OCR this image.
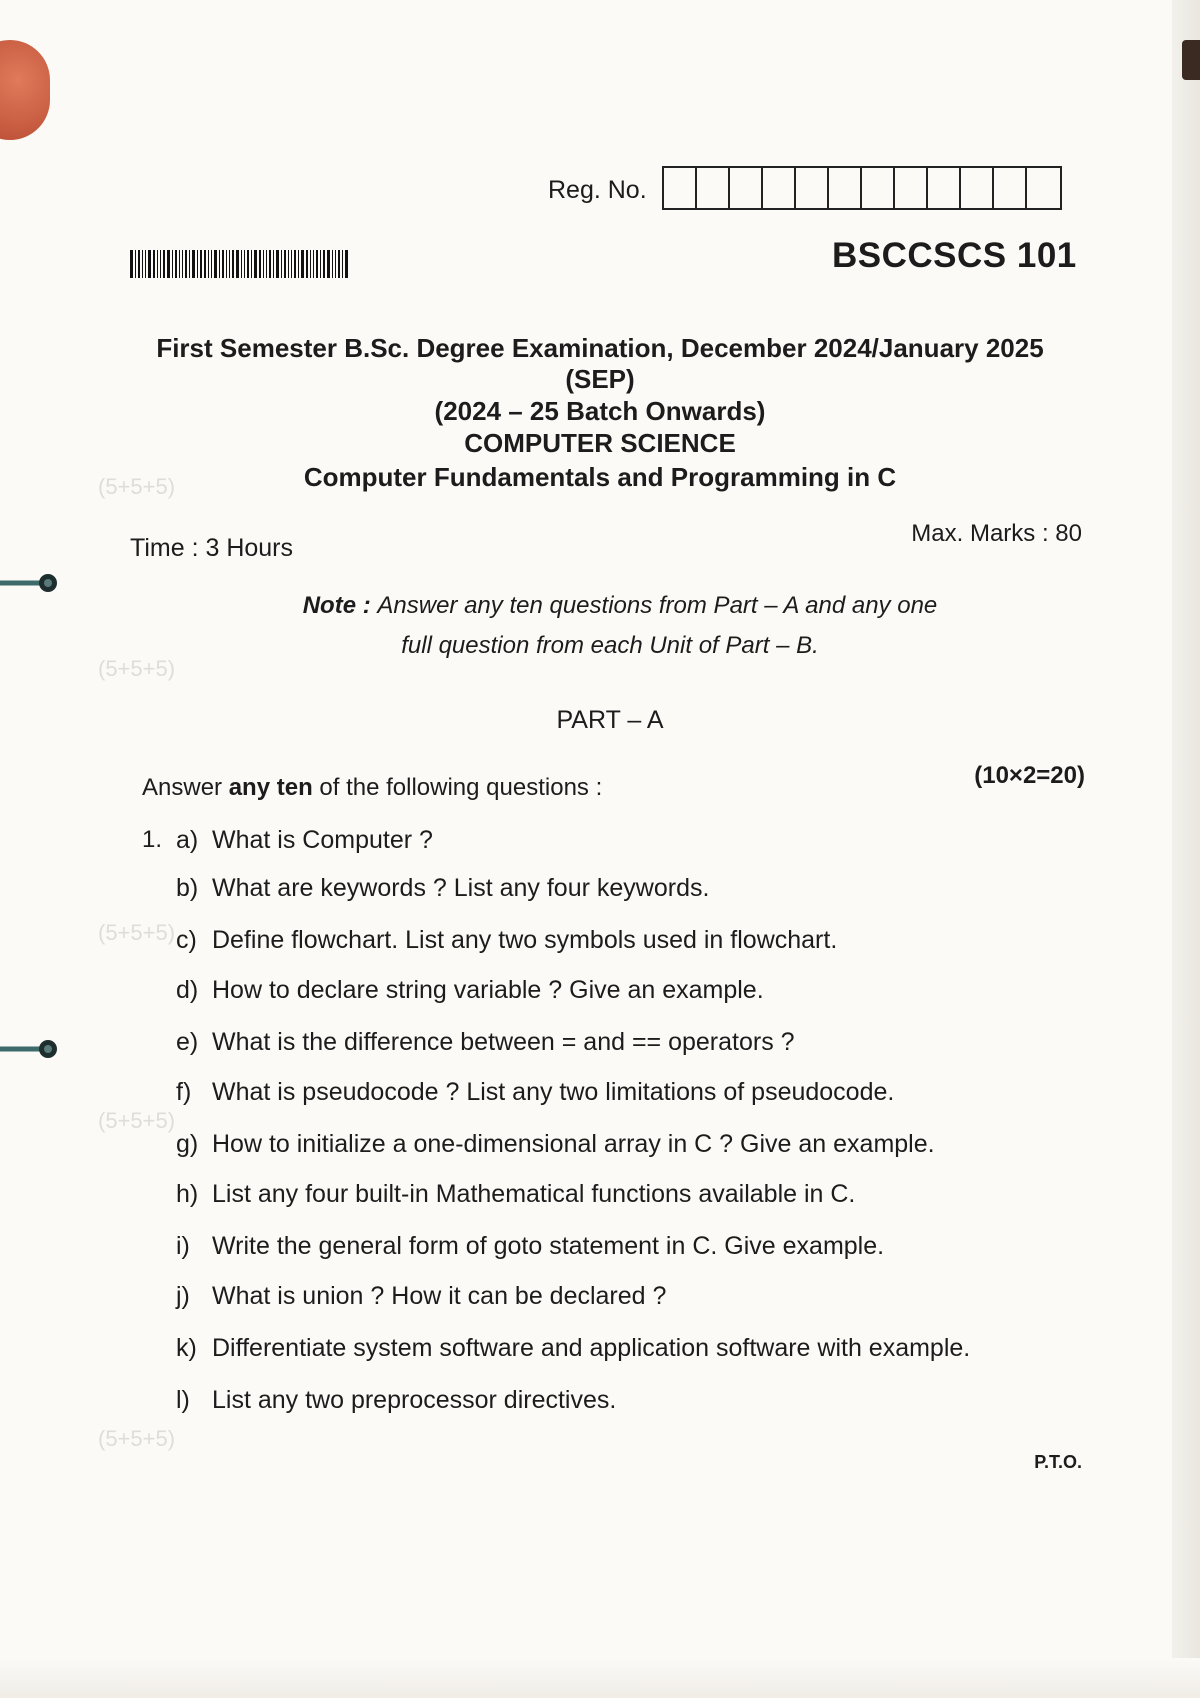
(5+5+5)
(5+5+5)
(5+5+5)
(5+5+5)
(5+5+5)
Reg. No.
BSCCSCS 101
First Semester B.Sc. Degree Examination, December 2024/January 2025
(SEP)
(2024 – 25 Batch Onwards)
COMPUTER SCIENCE
Computer Fundamentals and Programming in C
Time : 3 Hours
Max. Marks : 80
Note : Answer any ten questions from Part – A and any one
full question from each Unit of Part – B.
PART – A
Answer any ten of the following questions :	(10×2=20)
1. a) What is Computer ?
b) What are keywords ? List any four keywords.
c) Define flowchart. List any two symbols used in flowchart.
d) How to declare string variable ? Give an example.
e) What is the difference between = and == operators ?
f) What is pseudocode ? List any two limitations of pseudocode.
g) How to initialize a one-dimensional array in C ? Give an example.
h) List any four built-in Mathematical functions available in C.
i) Write the general form of goto statement in C. Give example.
j) What is union ? How it can be declared ?
k) Differentiate system software and application software with example.
l) List any two preprocessor directives.
P.T.O.
